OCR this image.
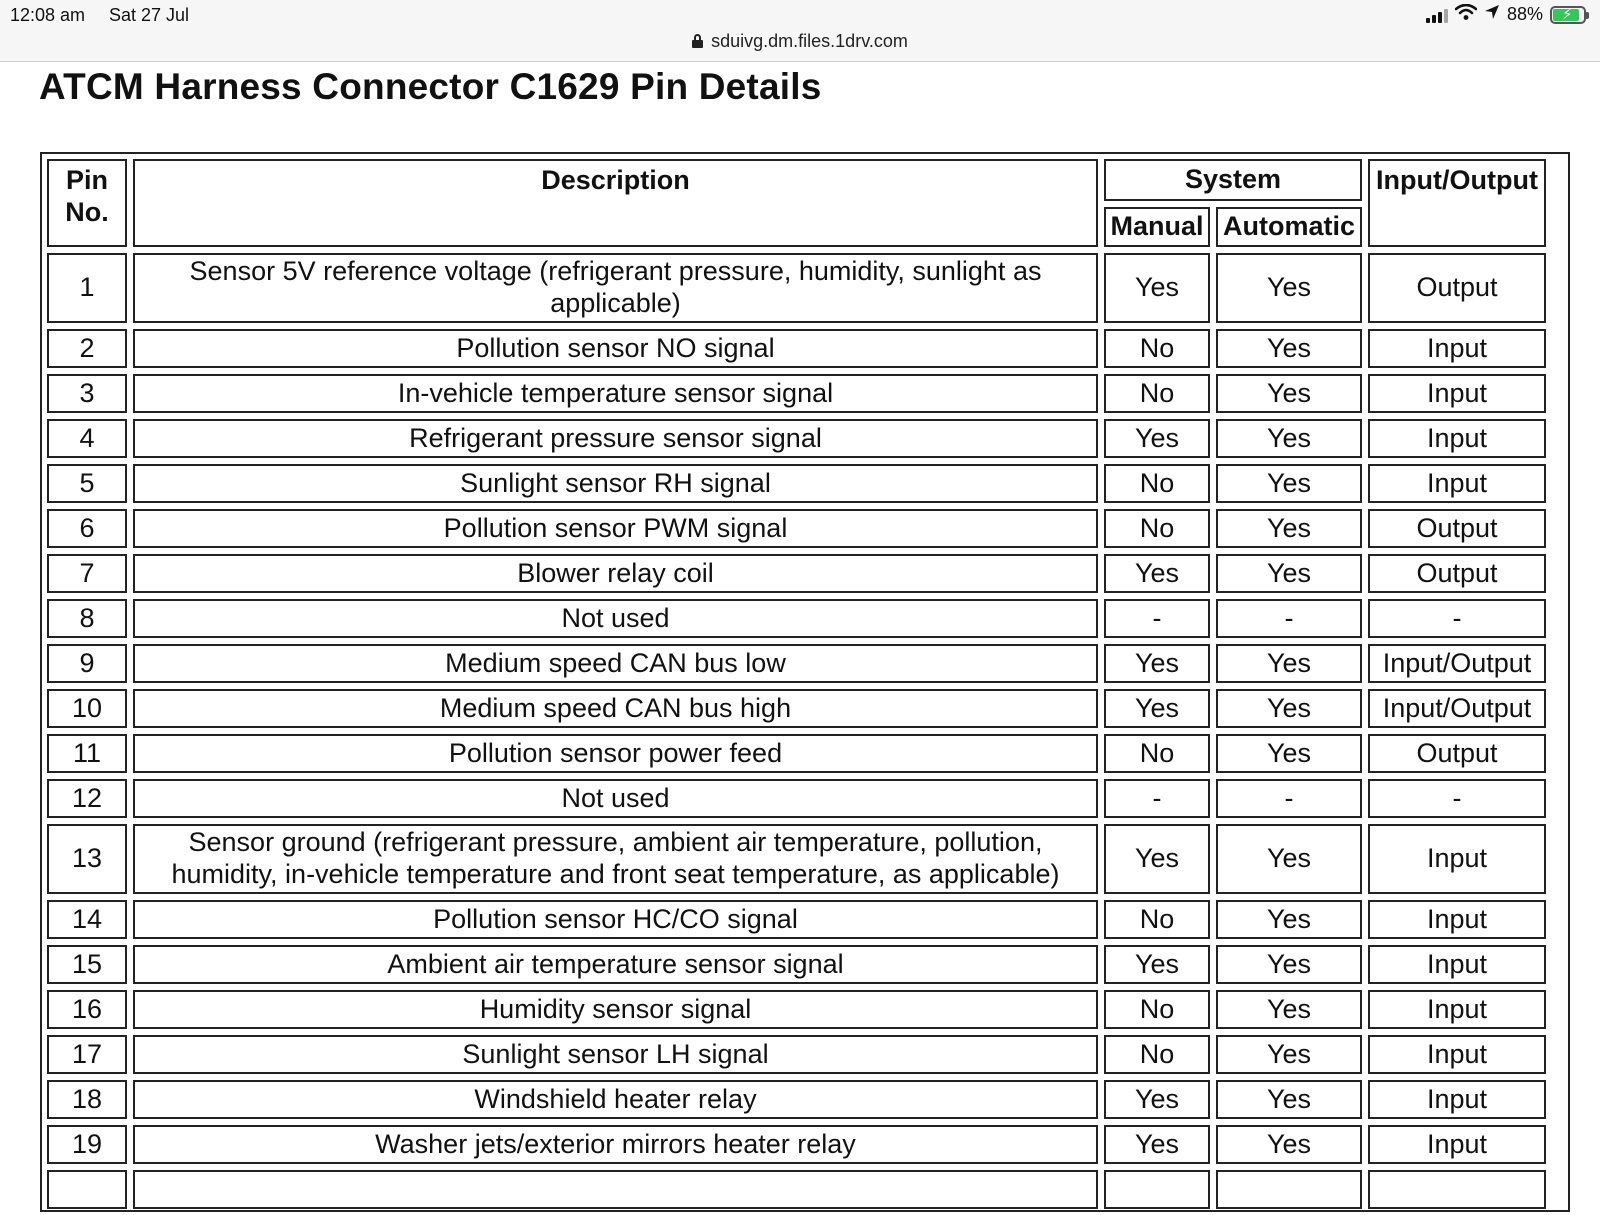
12:08 am Sat 27 Jul	88% ⚡
sduivg.dm.files.1drv.com
ATCM Harness Connector C1629 Pin Details
Pin
No.	Description	System		Input/Output
		Manual	Automatic	
1	Sensor 5V reference voltage (refrigerant pressure, humidity, sunlight as applicable)	Yes	Yes	Output
2	Pollution sensor NO signal	No	Yes	Input
3	In-vehicle temperature sensor signal	No	Yes	Input
4	Refrigerant pressure sensor signal	Yes	Yes	Input
5	Sunlight sensor RH signal	No	Yes	Input
6	Pollution sensor PWM signal	No	Yes	Output
7	Blower relay coil	Yes	Yes	Output
8	Not used	-	-	-
9	Medium speed CAN bus low	Yes	Yes	Input/Output
10	Medium speed CAN bus high	Yes	Yes	Input/Output
11	Pollution sensor power feed	No	Yes	Output
12	Not used	-	-	-
13	Sensor ground (refrigerant pressure, ambient air temperature, pollution, humidity, in-vehicle temperature and front seat temperature, as applicable)	Yes	Yes	Input
14	Pollution sensor HC/CO signal	No	Yes	Input
15	Ambient air temperature sensor signal	Yes	Yes	Input
16	Humidity sensor signal	No	Yes	Input
17	Sunlight sensor LH signal	No	Yes	Input
18	Windshield heater relay	Yes	Yes	Input
19	Washer jets/exterior mirrors heater relay	Yes	Yes	Input
